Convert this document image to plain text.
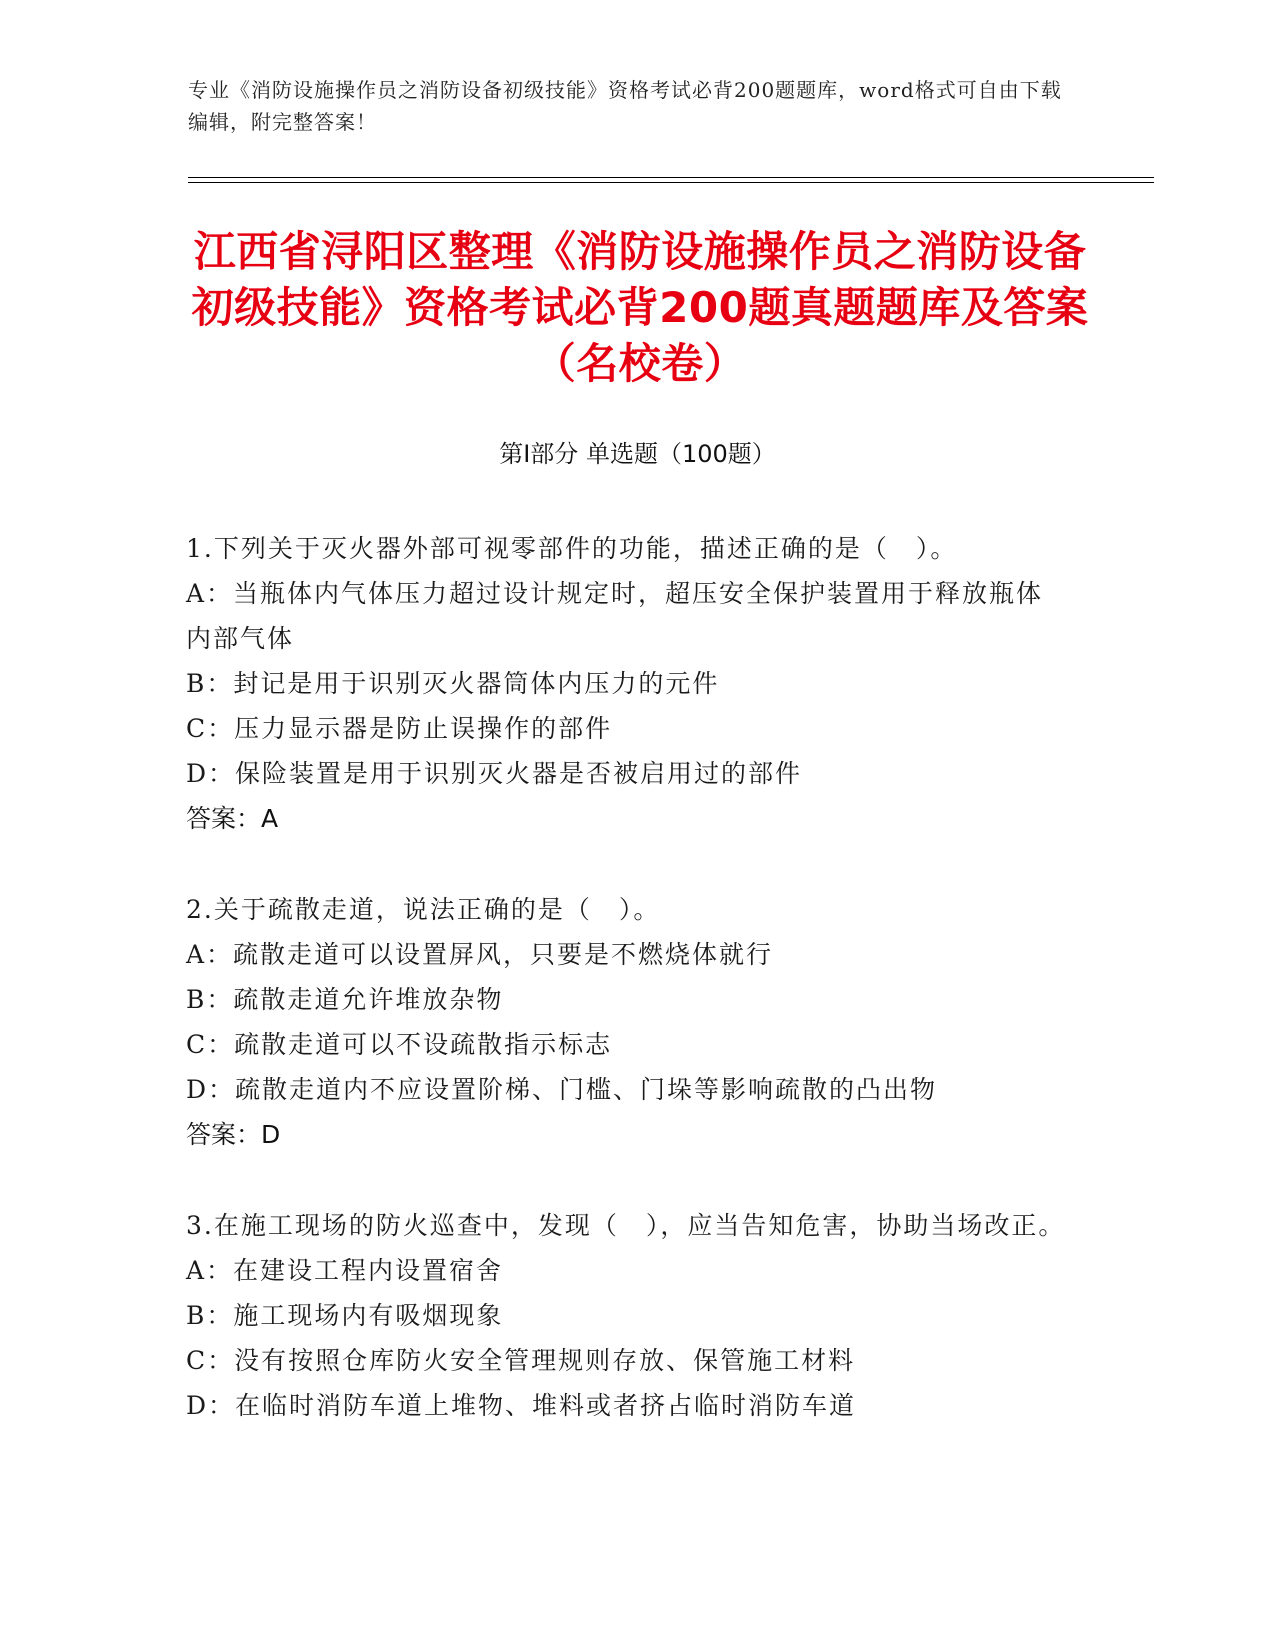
专业《消防设施操作员之消防设备初级技能》资格考试必背200题题库，word格式可自由下载编辑，附完整答案！
江西省浔阳区整理《消防设施操作员之消防设备初级技能》资格考试必背200题真题题库及答案（名校卷）
第Ⅰ部分 单选题（100题）
1.下列关于灭火器外部可视零部件的功能，描述正确的是（　）。
A：当瓶体内气体压力超过设计规定时，超压安全保护装置用于释放瓶体内部气体
B：封记是用于识别灭火器筒体内压力的元件
C：压力显示器是防止误操作的部件
D：保险装置是用于识别灭火器是否被启用过的部件
答案：A
2.关于疏散走道，说法正确的是（　）。
A：疏散走道可以设置屏风，只要是不燃烧体就行
B：疏散走道允许堆放杂物
C：疏散走道可以不设疏散指示标志
D：疏散走道内不应设置阶梯、门槛、门垛等影响疏散的凸出物
答案：D
3.在施工现场的防火巡查中，发现（　），应当告知危害，协助当场改正。
A：在建设工程内设置宿舍
B：施工现场内有吸烟现象
C：没有按照仓库防火安全管理规则存放、保管施工材料
D：在临时消防车道上堆物、堆料或者挤占临时消防车道
